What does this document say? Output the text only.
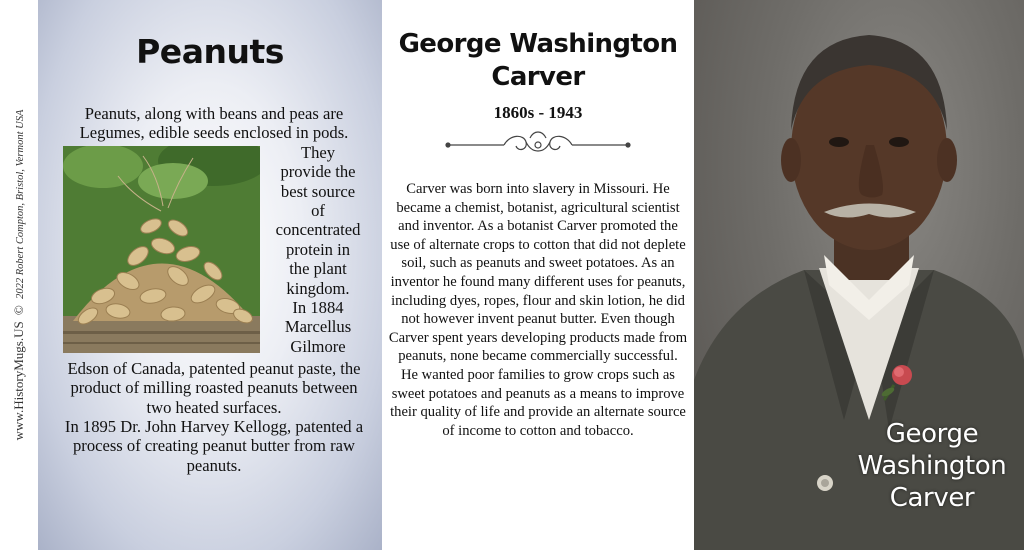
www.HistoryMugs.US  ©  2022 Robert Compton, Bristol, Vermont USA
Peanuts
Peanuts, along with beans and peas are Legumes, edible seeds enclosed in pods.
They
provide the
best source
of
concentrated
protein in
the plant
kingdom.
In 1884
Marcellus
Gilmore
Edson of Canada, patented peanut paste, the product of milling roasted peanuts between two heated surfaces.
In 1895 Dr. John Harvey Kellogg, patented a process of creating peanut butter from raw peanuts.
George Washington
Carver
1860s - 1943
Carver was born into slavery in Missouri. He became a chemist, botanist, agricultural scientist and inventor. As a botanist Carver promoted the use of alternate crops to cotton that did not deplete soil, such as peanuts and sweet potatoes. As an inventor he found many different uses for peanuts, including dyes, ropes, flour and skin lotion, he did not however invent peanut butter. Even though Carver spent years developing products made from peanuts, none became commercially successful. He wanted poor families to grow crops such as sweet potatoes and peanuts as a means to improve their quality of life and provide an alternate source of income to cotton and tobacco.	George
Washington
Carver
